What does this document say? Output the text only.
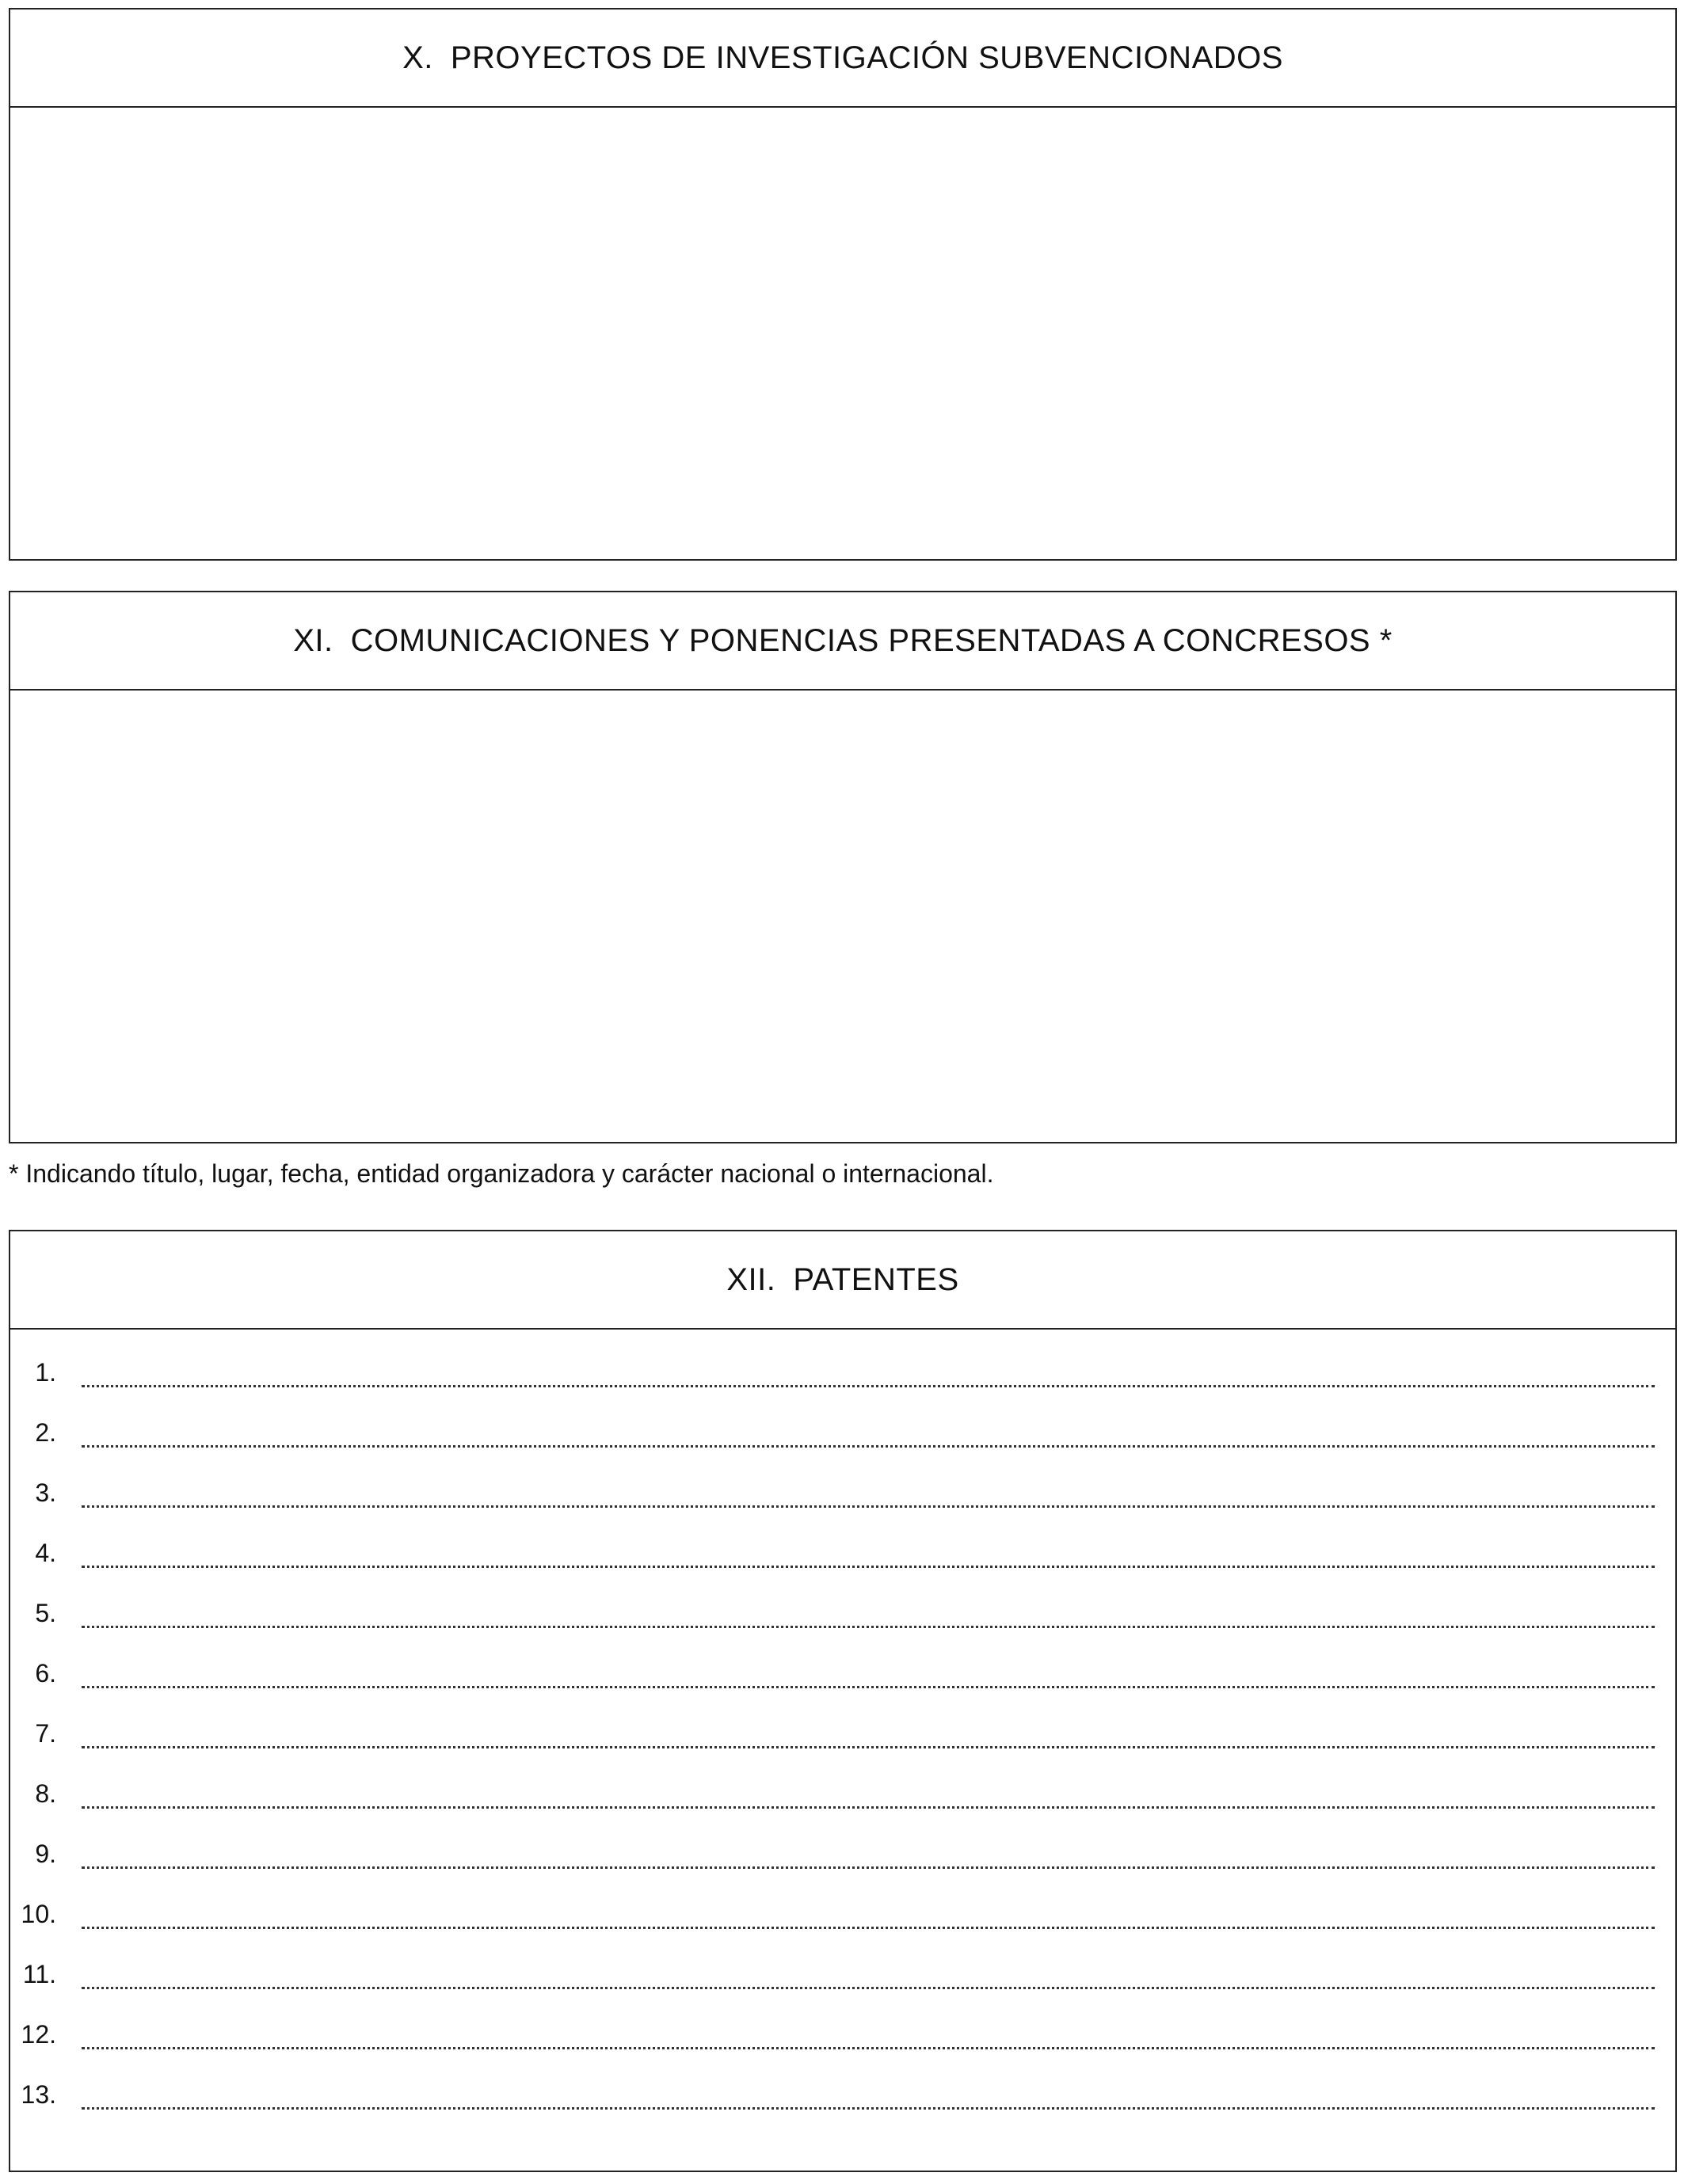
X. PROYECTOS DE INVESTIGACIÓN SUBVENCIONADOS
XI. COMUNICACIONES Y PONENCIAS PRESENTADAS A CONCRESOS *
* Indicando título, lugar, fecha, entidad organizadora y carácter nacional o internacional.
XII. PATENTES
1.
2.
3.
4.
5.
6.
7.
8.
9.
10.
11.
12.
13.
